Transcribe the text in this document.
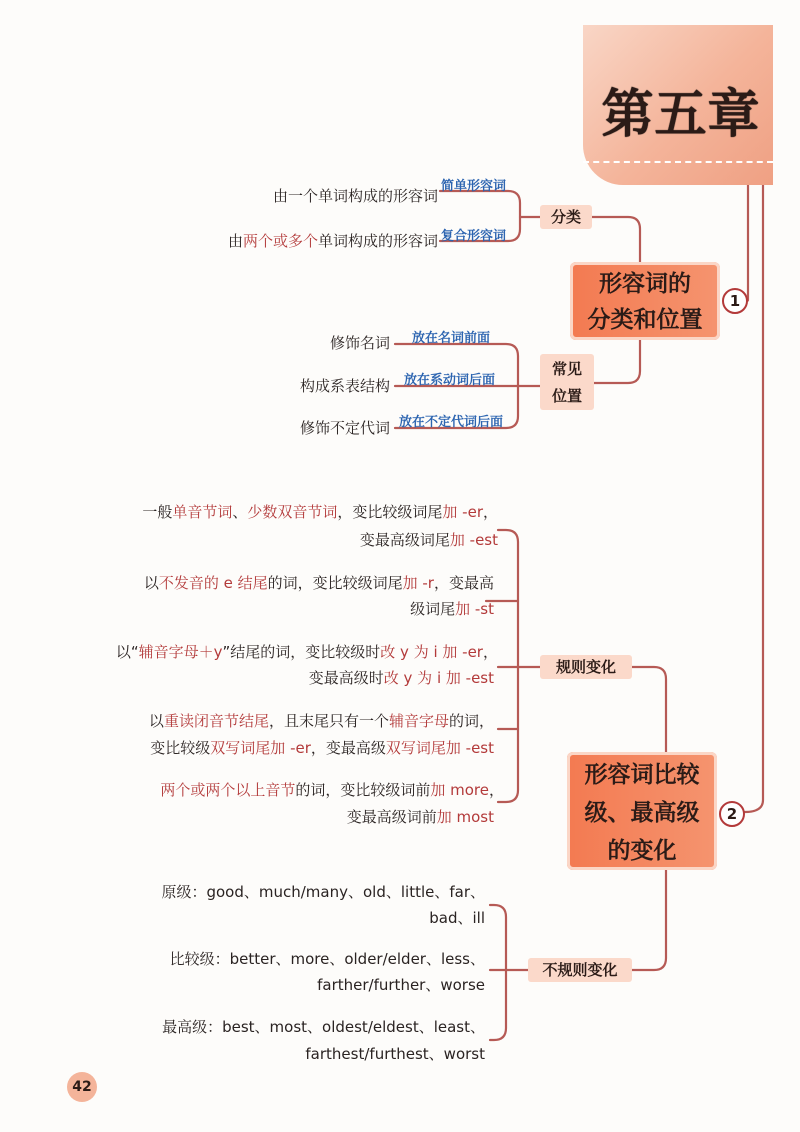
第五章
形容词的
分类和位置
1
分类
简单形容词
由一个单词构成的形容词
复合形容词
由两个或多个单词构成的形容词
常见
位置
放在名词前面
修饰名词
放在系动词后面
构成系表结构
放在不定代词后面
修饰不定代词
形容词比较
级、最高级
的变化
2
规则变化
一般单音节词、少数双音节词，变比较级词尾加 -er，
变最高级词尾加 -est
以不发音的 e 结尾的词，变比较级词尾加 -r，变最高
级词尾加 -st
以“辅音字母＋y”结尾的词，变比较级时改 y 为 i 加 -er，
变最高级时改 y 为 i 加 -est
以重读闭音节结尾，且末尾只有一个辅音字母的词，
变比较级双写词尾加 -er，变最高级双写词尾加 -est
两个或两个以上音节的词，变比较级词前加 more，
变最高级词前加 most
不规则变化
原级：good、much/many、old、little、far、
bad、ill
比较级：better、more、older/elder、less、
farther/further、worse
最高级：best、most、oldest/eldest、least、
farthest/furthest、worst
42
